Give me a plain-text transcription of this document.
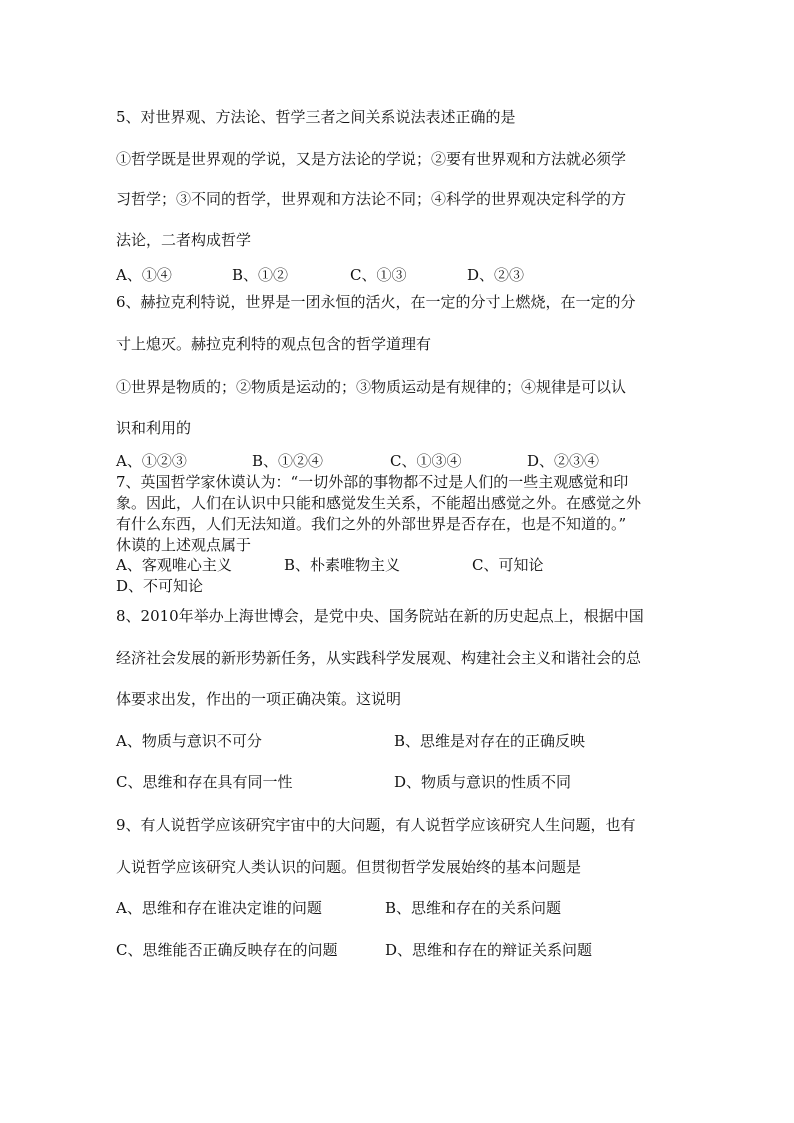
5、对世界观、方法论、哲学三者之间关系说法表述正确的是
①哲学既是世界观的学说，又是方法论的学说；②要有世界观和方法就必须学
习哲学；③不同的哲学，世界观和方法论不同；④科学的世界观决定科学的方
法论，二者构成哲学
A、①④	B、①②	C、①③	D、②③
6、赫拉克利特说，世界是一团永恒的活火，在一定的分寸上燃烧，在一定的分
寸上熄灭。赫拉克利特的观点包含的哲学道理有
①世界是物质的；②物质是运动的；③物质运动是有规律的；④规律是可以认
识和利用的
A、①②③	B、①②④	C、①③④	D、②③④
7、英国哲学家休谟认为：“一切外部的事物都不过是人们的一些主观感觉和印
象。因此，人们在认识中只能和感觉发生关系，不能超出感觉之外。在感觉之外
有什么东西，人们无法知道。我们之外的外部世界是否存在，也是不知道的。”
休谟的上述观点属于
A、客观唯心主义	B、朴素唯物主义	C、可知论
D、不可知论
8、2010年举办上海世博会，是党中央、国务院站在新的历史起点上，根据中国
经济社会发展的新形势新任务，从实践科学发展观、构建社会主义和谐社会的总
体要求出发，作出的一项正确决策。这说明
A、物质与意识不可分	B、思维是对存在的正确反映
C、思维和存在具有同一性	D、物质与意识的性质不同
9、有人说哲学应该研究宇宙中的大问题，有人说哲学应该研究人生问题，也有
人说哲学应该研究人类认识的问题。但贯彻哲学发展始终的基本问题是
A、思维和存在谁决定谁的问题	B、思维和存在的关系问题
C、思维能否正确反映存在的问题	D、思维和存在的辩证关系问题
